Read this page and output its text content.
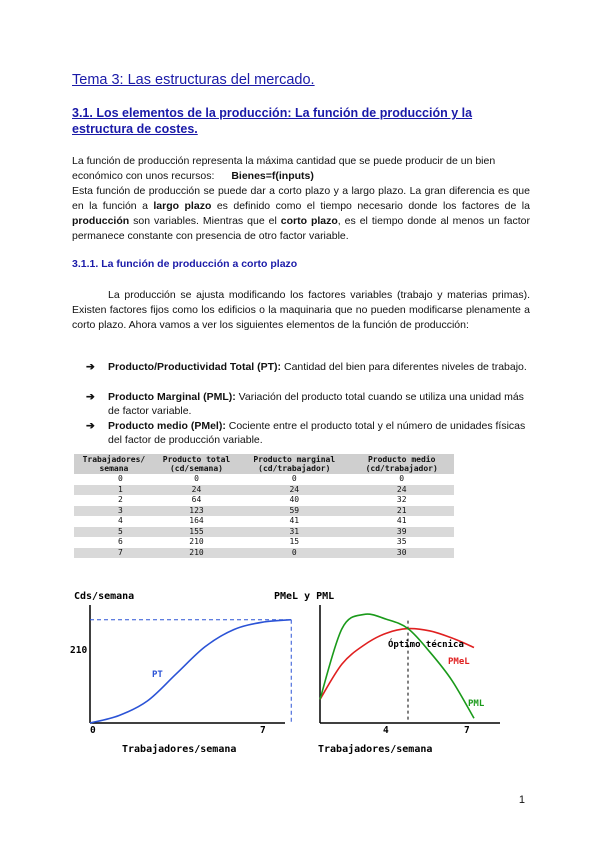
Tema 3: Las estructuras del mercado.
3.1. Los elementos de la producción: La función de producción y la estructura de costes.
La función de producción representa la máxima cantidad que se puede producir de un bien económico con unos recursos: Bienes=f(inputs)
Esta función de producción se puede dar a corto plazo y a largo plazo. La gran diferencia es que en la función a largo plazo es definido como el tiempo necesario donde los factores de la producción son variables. Mientras que el corto plazo, es el tiempo donde al menos un factor permanece constante con presencia de otro factor variable.
3.1.1. La función de producción a corto plazo
La producción se ajusta modificando los factores variables (trabajo y materias primas). Existen factores fijos como los edificios o la maquinaria que no pueden modificarse plenamente a corto plazo. Ahora vamos a ver los siguientes elementos de la función de producción:
➔ Producto/Productividad Total (PT): Cantidad del bien para diferentes niveles de trabajo.
➔ Producto Marginal (PML): Variación del producto total cuando se utiliza una unidad más de factor variable.
➔ Producto medio (PMel): Cociente entre el producto total y el número de unidades físicas del factor de producción variable.
Trabajadores/ semana	Producto total (cd/semana)	Producto marginal (cd/trabajador)	Producto medio (cd/trabajador)
0	0	0	0
1	24	24	24
2	64	40	32
3	123	59	21
4	164	41	41
5	155	31	39
6	210	15	35
7	210	0	30
Cds/semana
210
0	7
PT
Trabajadores/semana
PMeL y PML
Óptimo técnica
PMeL
PML
4	7
Trabajadores/semana
1
